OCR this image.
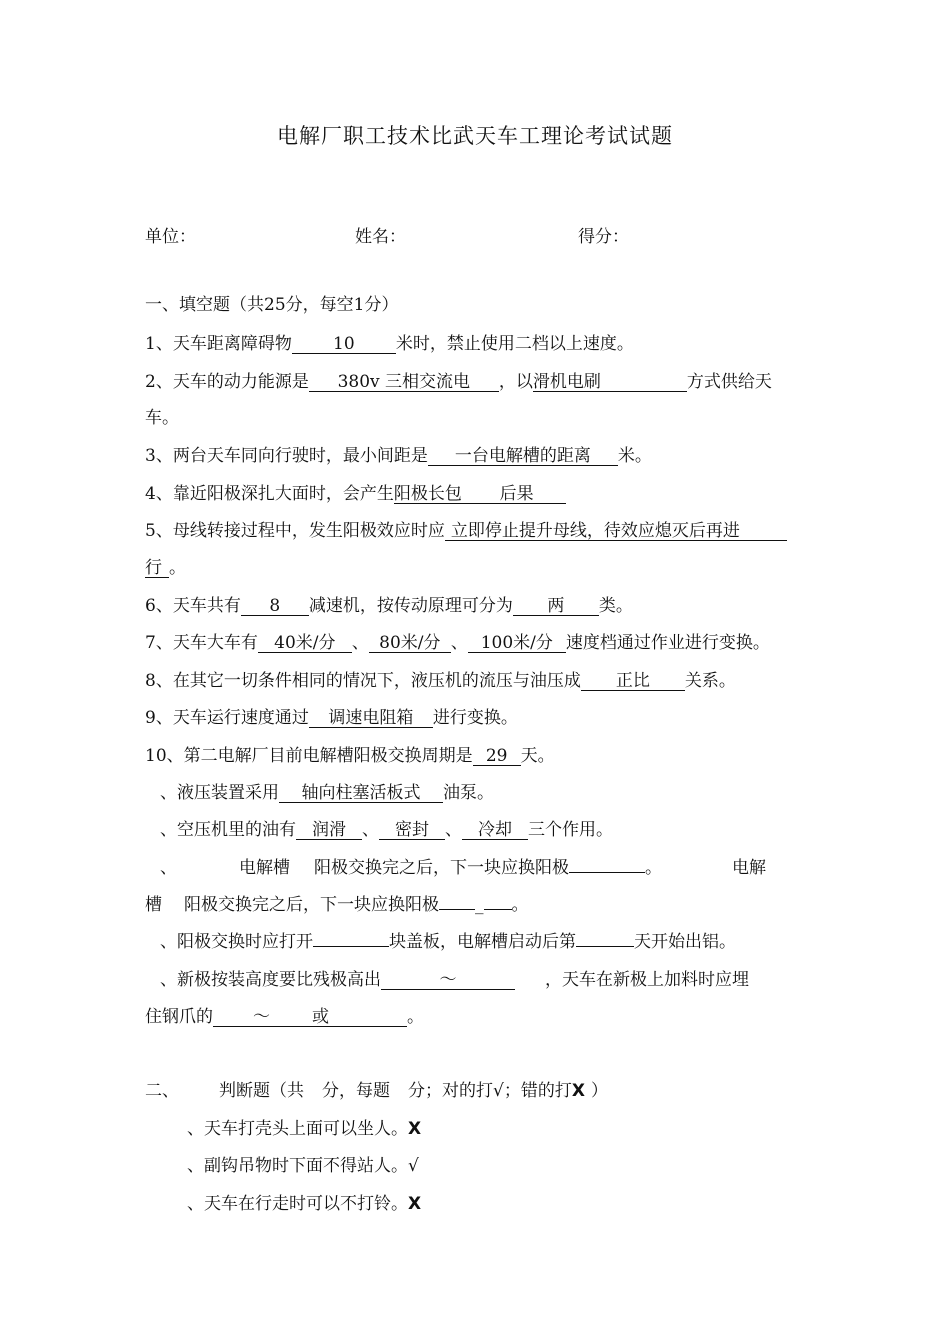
电解厂职工技术比武天车工理论考试试题
单位：	姓名：	得分：
一、填空题（共25分，每空1分）
1、天车距离障碍物 10 米时，禁止使用二档以上速度。
2、天车的动力能源是 380v 三相交流电 ，以滑机电刷	方式供给天
车。
3、两台天车同向行驶时，最小间距是 一台电解槽的距离 米。
4、靠近阳极深扎大面时，会产生阳极长包       后果
5、母线转接过程中，发生阳极效应时应 立即停止提升母线，待效应熄灭后再进
行 。
6、天车共有 8 减速机，按传动原理可分为 两 类。
7、天车大车有 40米/分 、 80米/分 、 100米/分 速度档通过作业进行变换。
8、在其它一切条件相同的情况下，液压机的流压与油压成 正比 关系。
9、天车运行速度通过 调速电阻箱 进行变换。
10、第二电解厂目前电解槽阳极交换周期是 29 天。
、液压装置采用 轴向柱塞活板式 油泵。
、空压机里的油有 润滑 、 密封 、 冷却 三个作用。
、	电解槽 阳极交换完之后，下一块应换阳极	。	电解
槽 阳极交换完之后，下一块应换阳极 _ 。
、阳极交换时应打开	块盖板，电解槽启动后第	天开始出铝。
、新极按装高度要比残极高出	～	，天车在新极上加料时应埋
住钢爪的 ～ 或	。
二、 判断题（共 分，每题 分；对的打√；错的打X ）
、天车打壳头上面可以坐人。X
、副钩吊物时下面不得站人。√
、天车在行走时可以不打铃。X
